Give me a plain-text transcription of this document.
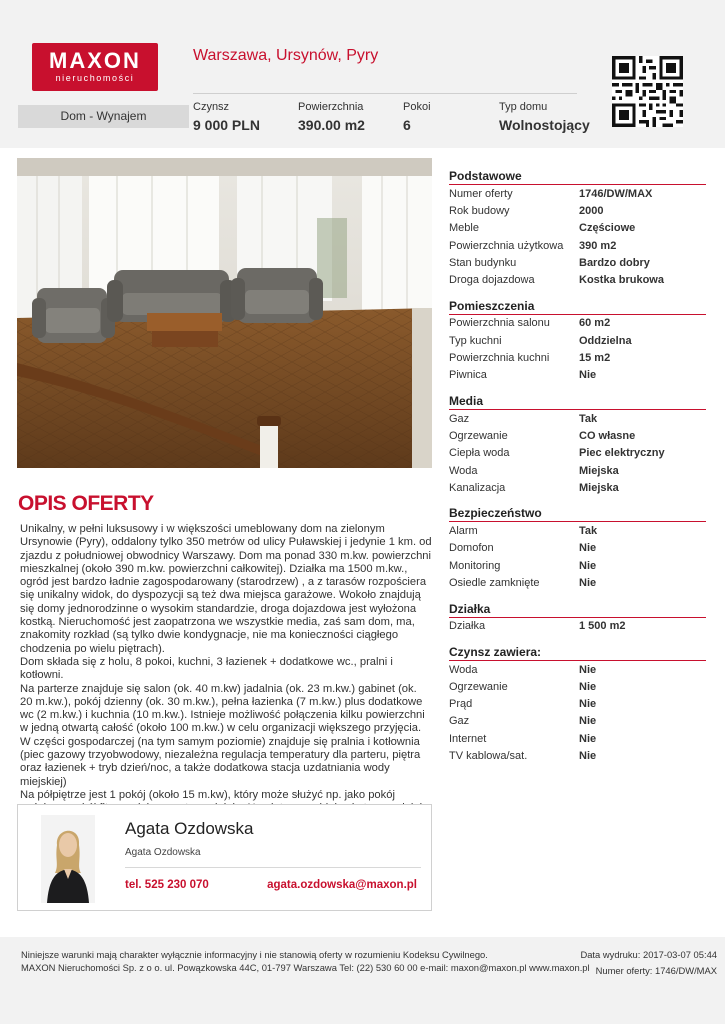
MAXON
nieruchomości
Warszawa, Ursynów, Pyry
Dom - Wynajem
Czynsz
9 000 PLN
Powierzchnia
390.00 m2
Pokoi
6
Typ domu
Wolnostojący
OPIS OFERTY
Unikalny, w pełni luksusowy i w większości umeblowany dom na zielonym Ursynowie (Pyry), oddalony tylko 350 metrów od ulicy Puławskiej i jedynie 1 km. od zjazdu z południowej obwodnicy Warszawy. Dom ma ponad 330 m.kw. powierzchni mieszkalnej (około 390 m.kw. powierzchni całkowitej). Działka ma 1500 m.kw., ogród jest bardzo ładnie zagospodarowany (starodrzew) , a z tarasów rozpościera się unikalny widok, do dyspozycji są też dwa miejsca garażowe. Wokoło znajdują się domy jednorodzinne o wysokim standardzie, droga dojazdowa jest wyłożona kostką. Nieruchomość jest zaopatrzona we wszystkie media, zaś sam dom, ma, znakomity rozkład (są tylko dwie kondygnacje, nie ma konieczności ciągłego chodzenia po wielu piętrach).
Dom składa się z holu, 8 pokoi, kuchni, 3 łazienek + dodatkowe wc., pralni i kotłowni.
Na parterze znajduje się salon (ok. 40 m.kw) jadalnia (ok. 23 m.kw.) gabinet (ok. 20 m.kw.), pokój dzienny (ok. 30 m.kw.), pełna łazienka (7 m.kw.) plus dodatkowe wc (2 m.kw.) i kuchnia (10 m.kw.). Istnieje możliwość połączenia kilku powierzchni w jedną otwartą całość (około 100 m.kw.) w celu organizacji większego przyjęcia. W części gospodarczej (na tym samym poziomie) znajduje się pralnia i kotłownia (piec gazowy trzyobwodowy, niezależna regulacja temperatury dla parteru, piętra oraz łazienek + tryb dzień/noc, a także dodatkowa stacja uzdatniania wody miejskiej)
Na półpiętrze jest 1 pokój (około 15 m.kw), który może służyć np. jako pokój
Podstawowe
Numer oferty	1746/DW/MAX
Rok budowy	2000
Meble	Częściowe
Powierzchnia użytkowa	390 m2
Stan budynku	Bardzo dobry
Droga dojazdowa	Kostka brukowa
Pomieszczenia
Powierzchnia salonu	60 m2
Typ kuchni	Oddzielna
Powierzchnia kuchni	15 m2
Piwnica	Nie
Media
Gaz	Tak
Ogrzewanie	CO własne
Ciepła woda	Piec elektryczny
Woda	Miejska
Kanalizacja	Miejska
Bezpieczeństwo
Alarm	Tak
Domofon	Nie
Monitoring	Nie
Osiedle zamknięte	Nie
Działka
Działka	1 500 m2
Czynsz zawiera:
Woda	Nie
Ogrzewanie	Nie
Prąd	Nie
Gaz	Nie
Internet	Nie
TV kablowa/sat.	Nie
Agata Ozdowska
Agata Ozdowska
tel. 525 230 070	agata.ozdowska@maxon.pl
Niniejsze warunki mają charakter wyłącznie informacyjny i nie stanowią oferty w rozumieniu Kodeksu Cywilnego.
MAXON Nieruchomości Sp. z o o. ul. Powązkowska 44C, 01-797 Warszawa Tel: (22) 530 60 00 e-mail: maxon@maxon.pl www.maxon.pl
Data wydruku: 2017-03-07 05:44
Numer oferty: 1746/DW/MAX
